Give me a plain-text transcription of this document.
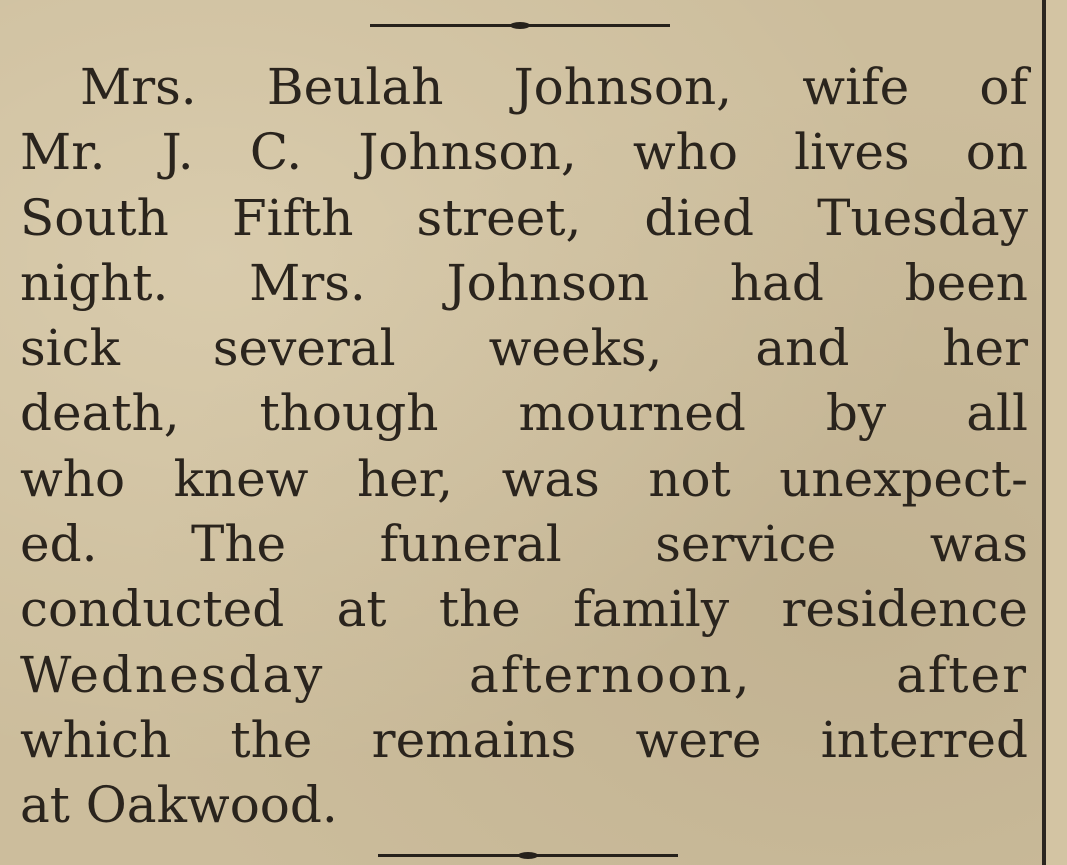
Mrs. Beulah Johnson, wife of
Mr. J. C. Johnson, who lives on
South Fifth street, died Tuesday
night. Mrs. Johnson had been
sick several weeks, and her
death, though mourned by all
who knew her, was not unexpect-
ed. The funeral service was
conducted at the family residence
Wednesday afternoon, after
which the remains were interred
at Oakwood.
